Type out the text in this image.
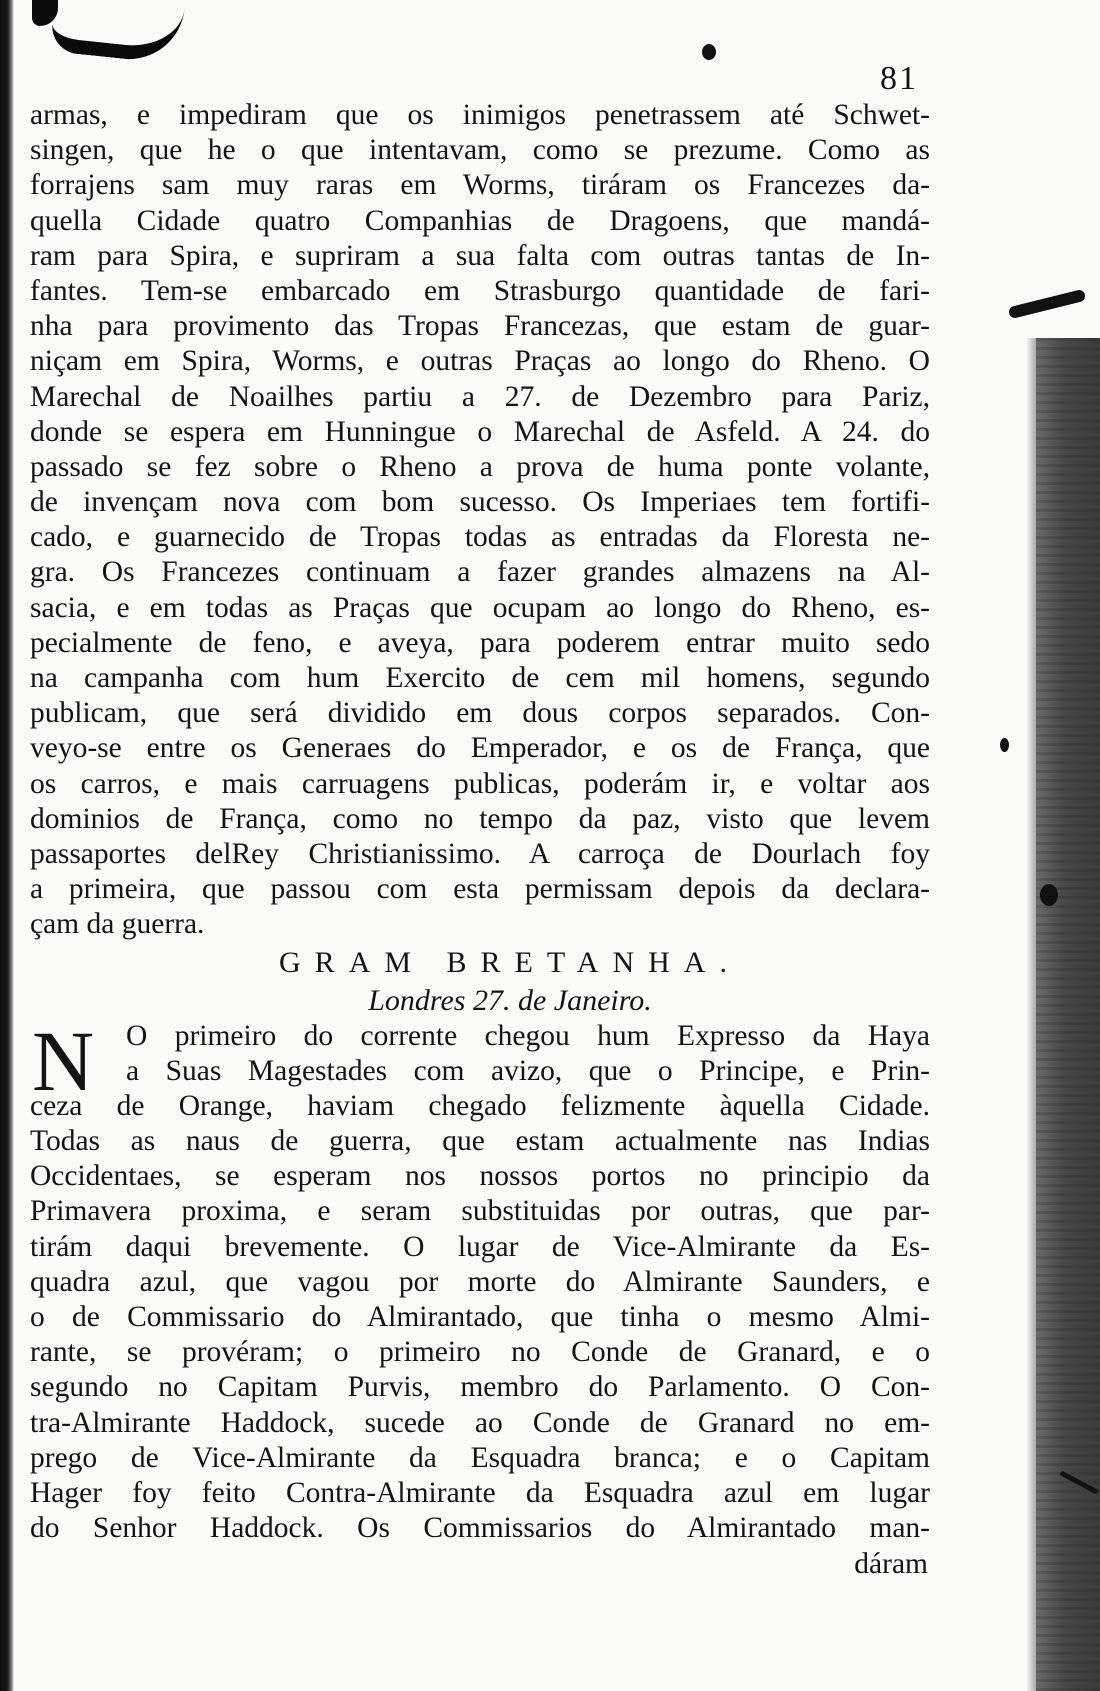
81
armas, e impediram que os inimigos penetrassem até Schwet-
singen, que he o que intentavam, como se prezume. Como as
forrajens sam muy raras em Worms, tiráram os Francezes da-
quella Cidade quatro Companhias de Dragoens, que mandá-
ram para Spira, e supriram a sua falta com outras tantas de In-
fantes. Tem-se embarcado em Strasburgo quantidade de fari-
nha para provimento das Tropas Francezas, que estam de guar-
niçam em Spira, Worms, e outras Praças ao longo do Rheno. O
Marechal de Noailhes partiu a 27. de Dezembro para Pariz,
donde se espera em Hunningue o Marechal de Asfeld. A 24. do
passado se fez sobre o Rheno a prova de huma ponte volante,
de invençam nova com bom sucesso. Os Imperiaes tem fortifi-
cado, e guarnecido de Tropas todas as entradas da Floresta ne-
gra. Os Francezes continuam a fazer grandes almazens na Al-
sacia, e em todas as Praças que ocupam ao longo do Rheno, es-
pecialmente de feno, e aveya, para poderem entrar muito sedo
na campanha com hum Exercito de cem mil homens, segundo
publicam, que será dividido em dous corpos separados. Con-
veyo-se entre os Generaes do Emperador, e os de França, que
os carros, e mais carruagens publicas, poderám ir, e voltar aos
dominios de França, como no tempo da paz, visto que levem
passaportes delRey Christianissimo. A carroça de Dourlach foy
a primeira, que passou com esta permissam depois da declara-
çam da guerra.
GRAM BRETANHA.
Londres 27. de Janeiro.
N	O primeiro do corrente chegou hum Expresso da Haya
a Suas Magestades com avizo, que o Principe, e Prin-
ceza de Orange, haviam chegado felizmente àquella Cidade.
Todas as naus de guerra, que estam actualmente nas Indias
Occidentaes, se esperam nos nossos portos no principio da
Primavera proxima, e seram substituidas por outras, que par-
tirám daqui brevemente. O lugar de Vice-Almirante da Es-
quadra azul, que vagou por morte do Almirante Saunders, e
o de Commissario do Almirantado, que tinha o mesmo Almi-
rante, se provéram; o primeiro no Conde de Granard, e o
segundo no Capitam Purvis, membro do Parlamento. O Con-
tra-Almirante Haddock, sucede ao Conde de Granard no em-
prego de Vice-Almirante da Esquadra branca; e o Capitam
Hager foy feito Contra-Almirante da Esquadra azul em lugar
do Senhor Haddock. Os Commissarios do Almirantado man-
dáram
